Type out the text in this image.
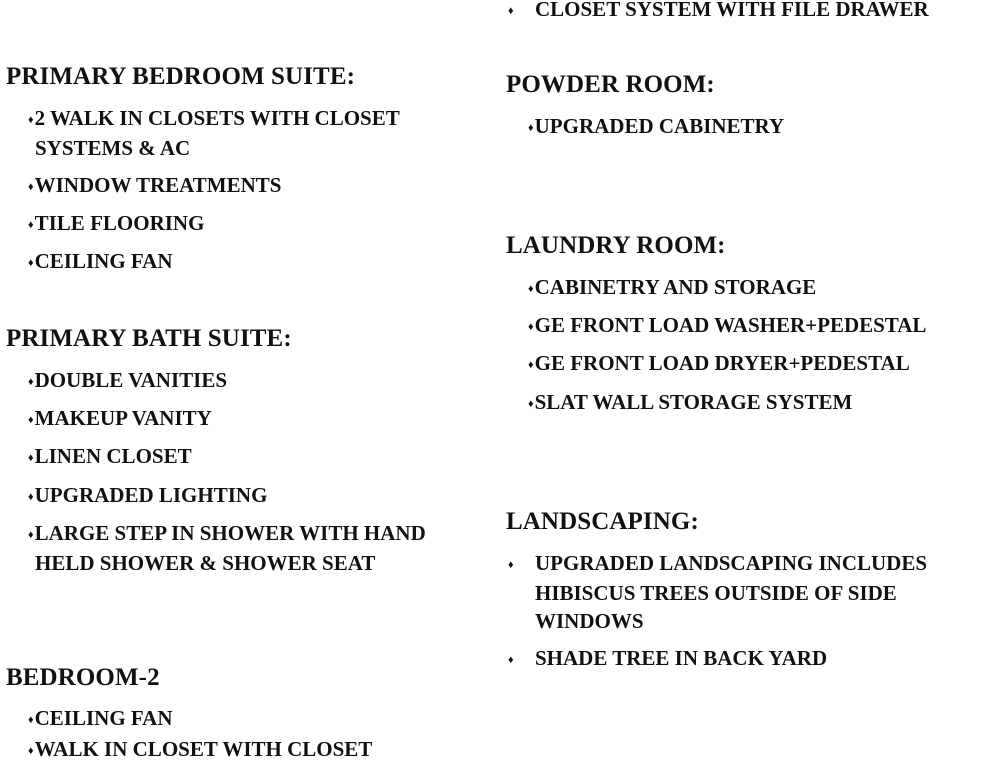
PRIMARY BEDROOM SUITE:
♦2 WALK IN CLOSETS WITH CLOSET
SYSTEMS & AC
♦WINDOW TREATMENTS
♦TILE FLOORING
♦CEILING FAN
PRIMARY BATH SUITE:
♦DOUBLE VANITIES
♦MAKEUP VANITY
♦LINEN CLOSET
♦UPGRADED LIGHTING
♦LARGE STEP IN SHOWER WITH HAND
HELD SHOWER & SHOWER SEAT
BEDROOM-2
♦CEILING FAN
♦WALK IN CLOSET WITH CLOSET
♦ CLOSET SYSTEM WITH FILE DRAWER
POWDER ROOM:
♦UPGRADED CABINETRY
LAUNDRY ROOM:
♦CABINETRY AND STORAGE
♦GE FRONT LOAD WASHER+PEDESTAL
♦GE FRONT LOAD DRYER+PEDESTAL
♦SLAT WALL STORAGE SYSTEM
LANDSCAPING:
♦ UPGRADED LANDSCAPING INCLUDES
HIBISCUS TREES OUTSIDE OF SIDE
WINDOWS
♦ SHADE TREE IN BACK YARD
